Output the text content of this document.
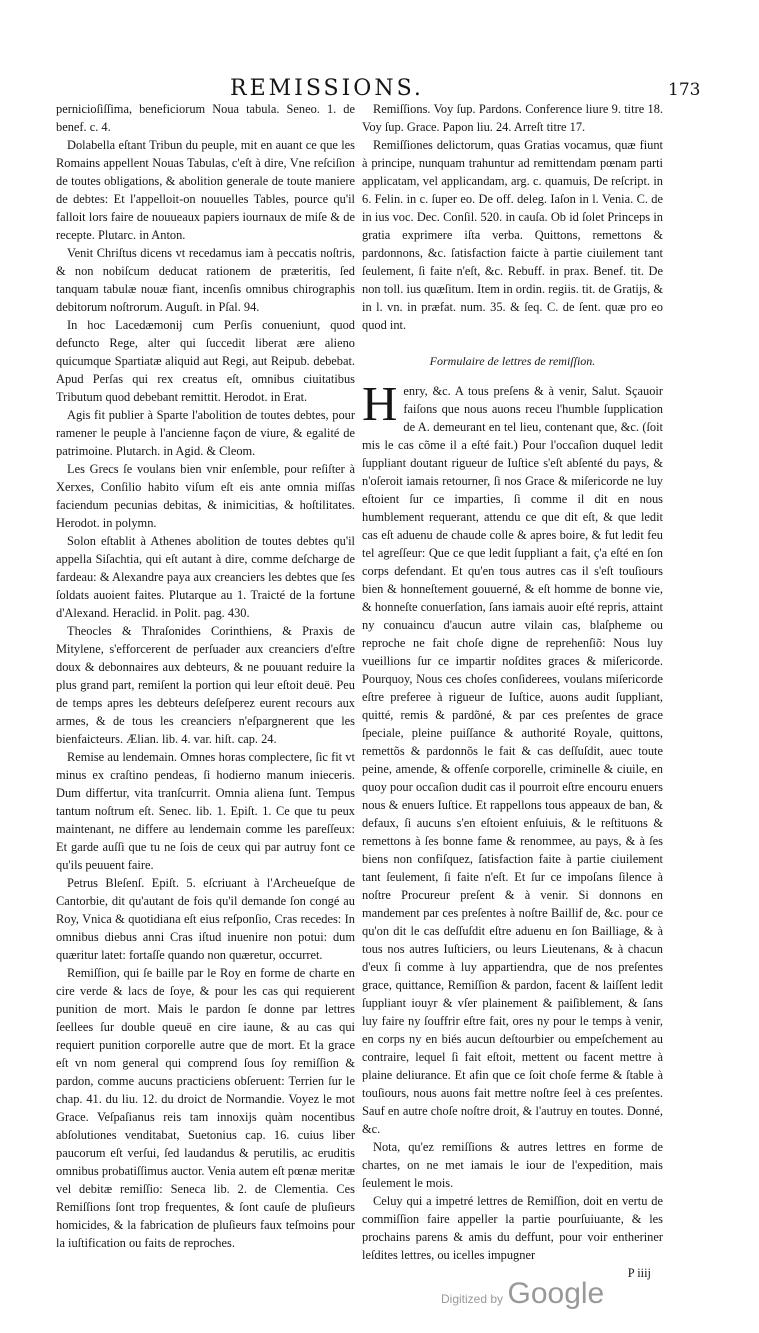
REMISSIONS.	173

pernicioſiſſima, beneficiorum Noua tabula. Seneo. 1. de benef. c. 4.

Dolabella eſtant Tribun du peuple, mit en auant ce que les Romains appellent Nouas Tabulas, c'eſt à dire, Vne reſciſion de toutes obligations, & abolition generale de toute maniere de debtes: Et l'appelloit-on nouuelles Tables, pource qu'il falloit lors faire de nouueaux papiers iournaux de miſe & de recepte. Plutarc. in Anton.

Venit Chriſtus dicens vt recedamus iam à peccatis noſtris, & non nobiſcum deducat rationem de præteritis, ſed tanquam tabulæ nouæ fiant, incenſis omnibus chirographis debitorum noſtrorum. Auguſt. in Pſal. 94.

In hoc Lacedæmonij cum Perſis conueniunt, quod defuncto Rege, alter qui ſuccedit liberat ære alieno quicumque Spartiatæ aliquid aut Regi, aut Reipub. debebat. Apud Perſas qui rex creatus eſt, omnibus ciuitatibus Tributum quod debebant remittit. Herodot. in Erat.

Agis fit publier à Sparte l'abolition de toutes debtes, pour ramener le peuple à l'ancienne façon de viure, & egalité de patrimoine. Plutarch. in Agid. & Cleom.

Les Grecs ſe voulans bien vnir enſemble, pour reſiſter à Xerxes, Conſilio habito viſum eſt eis ante omnia miſſas faciendum pecunias debitas, & inimicitias, & hoſtilitates. Herodot. in polymn.

Solon eſtablit à Athenes abolition de toutes debtes qu'il appella Siſachtia, qui eſt autant à dire, comme deſcharge de fardeau: & Alexandre paya aux creanciers les debtes que ſes ſoldats auoient faites. Plutarque au 1. Traicté de la fortune d'Alexand. Heraclid. in Polit. pag. 430.

Theocles & Thraſonides Corinthiens, & Praxis de Mitylene, s'efforcerent de perſuader aux creanciers d'eſtre doux & debonnaires aux debteurs, & ne pouuant reduire la plus grand part, remiſent la portion qui leur eſtoit deuë. Peu de temps apres les debteurs deſeſperez eurent recours aux armes, & de tous les creanciers n'eſpargnerent que les bienfaicteurs. Ælian. lib. 4. var. hiſt. cap. 24.

Remise au lendemain. Omnes horas complectere, ſic fit vt minus ex craſtino pendeas, ſi hodierno manum inieceris. Dum differtur, vita tranſcurrit. Omnia aliena ſunt. Tempus tantum noſtrum eſt. Senec. lib. 1. Epiſt. 1. Ce que tu peux maintenant, ne differe au lendemain comme les pareſſeux: Et garde auſſi que tu ne ſois de ceux qui par autruy font ce qu'ils peuuent faire.

Petrus Bleſenſ. Epiſt. 5. eſcriuant à l'Archeueſque de Cantorbie, dit qu'autant de fois qu'il demande ſon congé au Roy, Vnica & quotidiana eſt eius reſponſio, Cras recedes: In omnibus diebus anni Cras iſtud inuenire non potui: dum quæritur latet: fortaſſe quando non quæretur, occurret.

Remiſſion, qui ſe baille par le Roy en forme de charte en cire verde & lacs de ſoye, & pour les cas qui requierent punition de mort. Mais le pardon ſe donne par lettres ſeellees ſur double queuë en cire iaune, & au cas qui requiert punition corporelle autre que de mort. Et la grace eſt vn nom general qui comprend ſous ſoy remiſſion & pardon, comme aucuns practiciens obſeruent: Terrien ſur le chap. 41. du liu. 12. du droict de Normandie. Voyez le mot Grace. Veſpaſianus reis tam innoxijs quàm nocentibus abſolutiones venditabat, Suetonius cap. 16. cuius liber paucorum eſt verſui, ſed laudandus & perutilis, ac eruditis omnibus probatiſſimus auctor. Venia autem eſt pœnæ meritæ vel debitæ remiſſio: Seneca lib. 2. de Clementia. Ces Remiſſions ſont trop frequentes, & ſont cauſe de pluſieurs homicides, & la fabrication de pluſieurs faux teſmoins pour la iuſtification ou faits de reproches.

Remiſſions. Voy ſup. Pardons. Conference liure 9. titre 18. Voy ſup. Grace. Papon liu. 24. Arreſt titre 17.

Remiſſiones delictorum, quas Gratias vocamus, quæ fiunt à principe, nunquam trahuntur ad remittendam pœnam parti applicatam, vel applicandam, arg. c. quamuis, De reſcript. in 6. Felin. in c. ſuper eo. De off. deleg. Iaſon in l. Venia. C. de in ius voc. Dec. Conſil. 520. in cauſa. Ob id ſolet Princeps in gratia exprimere iſta verba. Quittons, remettons & pardonnons, &c. ſatisfaction faicte à partie ciuilement tant ſeulement, ſi faite n'eſt, &c. Rebuff. in prax. Benef. tit. De non toll. ius quæſitum. Item in ordin. regiis. tit. de Gratijs, & in l. vn. in præfat. num. 35. & ſeq. C. de ſent. quæ pro eo quod int.

Formulaire de lettres de remiſſion.

Henry, &c. A tous preſens & à venir, Salut. Sçauoir faiſons que nous auons receu l'humble ſupplication de A. demeurant en tel lieu, contenant que, &c. (ſoit mis le cas cõme il a eſté fait.) Pour l'occaſion duquel ledit ſuppliant doutant rigueur de Iuſtice s'eſt abſenté du pays, & n'oſeroit iamais retourner, ſi nos Grace & miſericorde ne luy eſtoient ſur ce imparties, ſi comme il dit en nous humblement requerant, attendu ce que dit eſt, & que ledit cas eſt aduenu de chaude colle & apres boire, & fut ledit feu tel agreſſeur: Que ce que ledit ſuppliant a fait, ç'a eſté en ſon corps defendant. Et qu'en tous autres cas il s'eſt touſiours bien & honneſtement gouuerné, & eſt homme de bonne vie, & honneſte conuerſation, ſans iamais auoir eſté repris, attaint ny conuaincu d'aucun autre vilain cas, blaſpheme ou reproche ne fait choſe digne de reprehenſiõ: Nous luy vueillions ſur ce impartir noſdites graces & miſericorde. Pourquoy, Nous ces choſes conſiderees, voulans miſericorde eſtre preferee à rigueur de Iuſtice, auons audit ſuppliant, quitté, remis & pardõné, & par ces preſentes de grace ſpeciale, pleine puiſſance & authorité Royale, quittons, remettõs & pardonnõs le fait & cas deſſuſdit, auec toute peine, amende, & offenſe corporelle, criminelle & ciuile, en quoy pour occaſion dudit cas il pourroit eſtre encouru enuers nous & enuers Iuſtice. Et rappellons tous appeaux de ban, & defaux, ſi aucuns s'en eſtoient enſuiuis, & le reſtituons & remettons à ſes bonne fame & renommee, au pays, & à ſes biens non confiſquez, ſatisfaction faite à partie ciuilement tant ſeulement, ſi faite n'eſt. Et ſur ce impoſans ſilence à noſtre Procureur preſent & à venir. Si donnons en mandement par ces preſentes à noſtre Baillif de, &c. pour ce qu'on dit le cas deſſuſdit eſtre aduenu en ſon Bailliage, & à tous nos autres Iuſticiers, ou leurs Lieutenans, & à chacun d'eux ſi comme à luy appartiendra, que de nos preſentes grace, quittance, Remiſſion & pardon, facent & laiſſent ledit ſuppliant iouyr & vſer plainement & paiſiblement, & ſans luy faire ny ſouffrir eſtre fait, ores ny pour le temps à venir, en corps ny en biés aucun deſtourbier ou empeſchement au contraire, lequel ſi fait eſtoit, mettent ou facent mettre à plaine deliurance. Et afin que ce ſoit choſe ferme & ſtable à touſiours, nous auons fait mettre noſtre ſeel à ces preſentes. Sauf en autre choſe noſtre droit, & l'autruy en toutes. Donné, &c.

Nota, qu'ez remiſſions & autres lettres en forme de chartes, on ne met iamais le iour de l'expedition, mais ſeulement le mois.

Celuy qui a impetré lettres de Remiſſion, doit en vertu de commiſſion faire appeller la partie pourſuiuante, & les prochains parens & amis du deffunt, pour voir entheriner leſdites lettres, ou icelles impugner

P iiij

Digitized by Google
